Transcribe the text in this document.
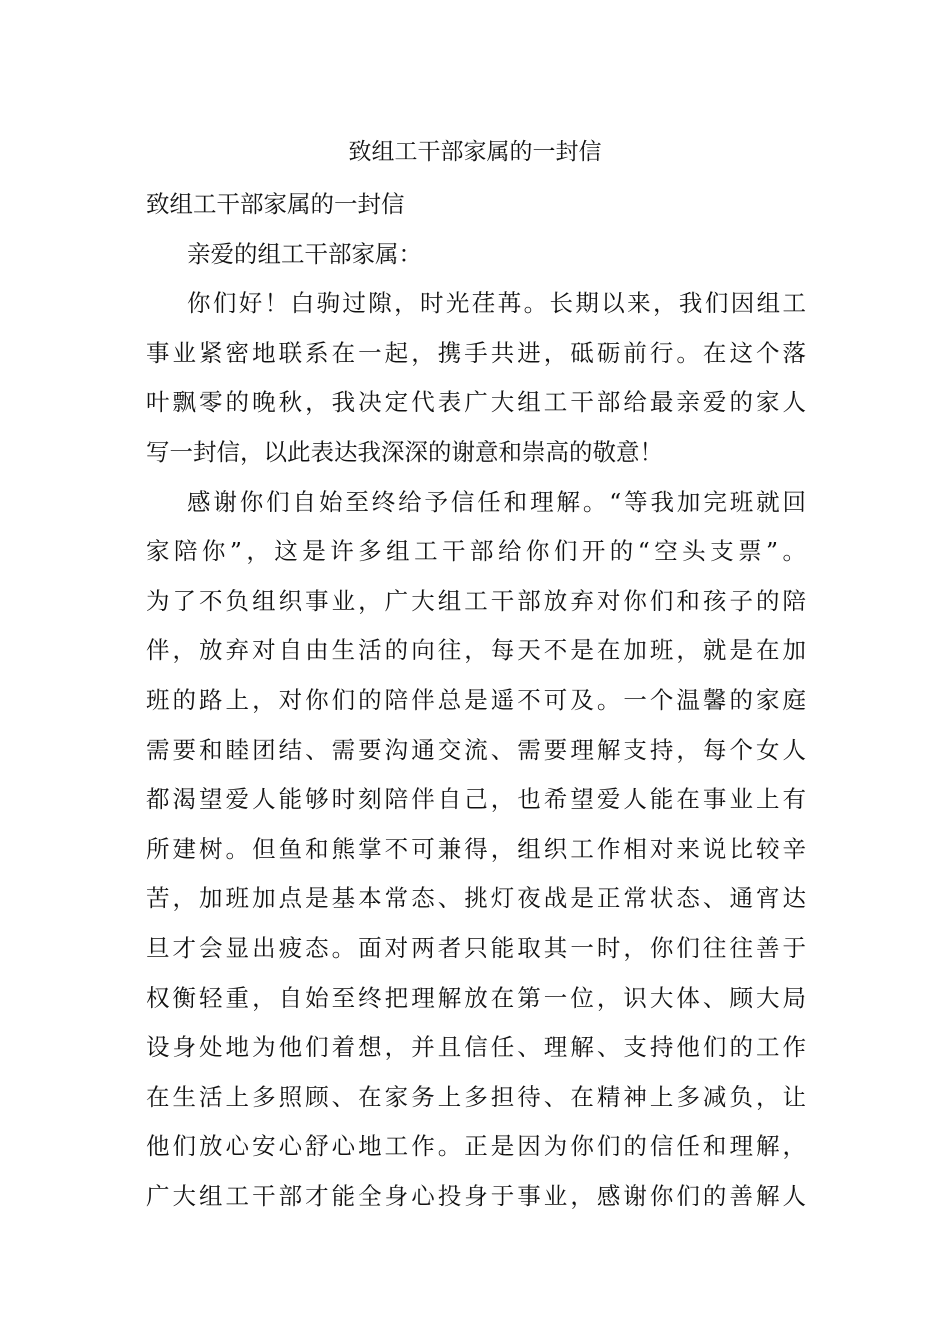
致组工干部家属的一封信
致组工干部家属的一封信
亲爱的组工干部家属：
你们好！白驹过隙，时光荏苒。长期以来，我们因组工
事业紧密地联系在一起，携手共进，砥砺前行。在这个落
叶飘零的晚秋，我决定代表广大组工干部给最亲爱的家人
写一封信，以此表达我深深的谢意和崇高的敬意！
感谢你们自始至终给予信任和理解。“等我加完班就回
家陪你”，这是许多组工干部给你们开的“空头支票”。
为了不负组织事业，广大组工干部放弃对你们和孩子的陪
伴，放弃对自由生活的向往，每天不是在加班，就是在加
班的路上，对你们的陪伴总是遥不可及。一个温馨的家庭
需要和睦团结、需要沟通交流、需要理解支持，每个女人
都渴望爱人能够时刻陪伴自己，也希望爱人能在事业上有
所建树。但鱼和熊掌不可兼得，组织工作相对来说比较辛
苦，加班加点是基本常态、挑灯夜战是正常状态、通宵达
旦才会显出疲态。面对两者只能取其一时，你们往往善于
权衡轻重，自始至终把理解放在第一位，识大体、顾大局
设身处地为他们着想，并且信任、理解、支持他们的工作
在生活上多照顾、在家务上多担待、在精神上多减负，让
他们放心安心舒心地工作。正是因为你们的信任和理解，
广大组工干部才能全身心投身于事业，感谢你们的善解人
